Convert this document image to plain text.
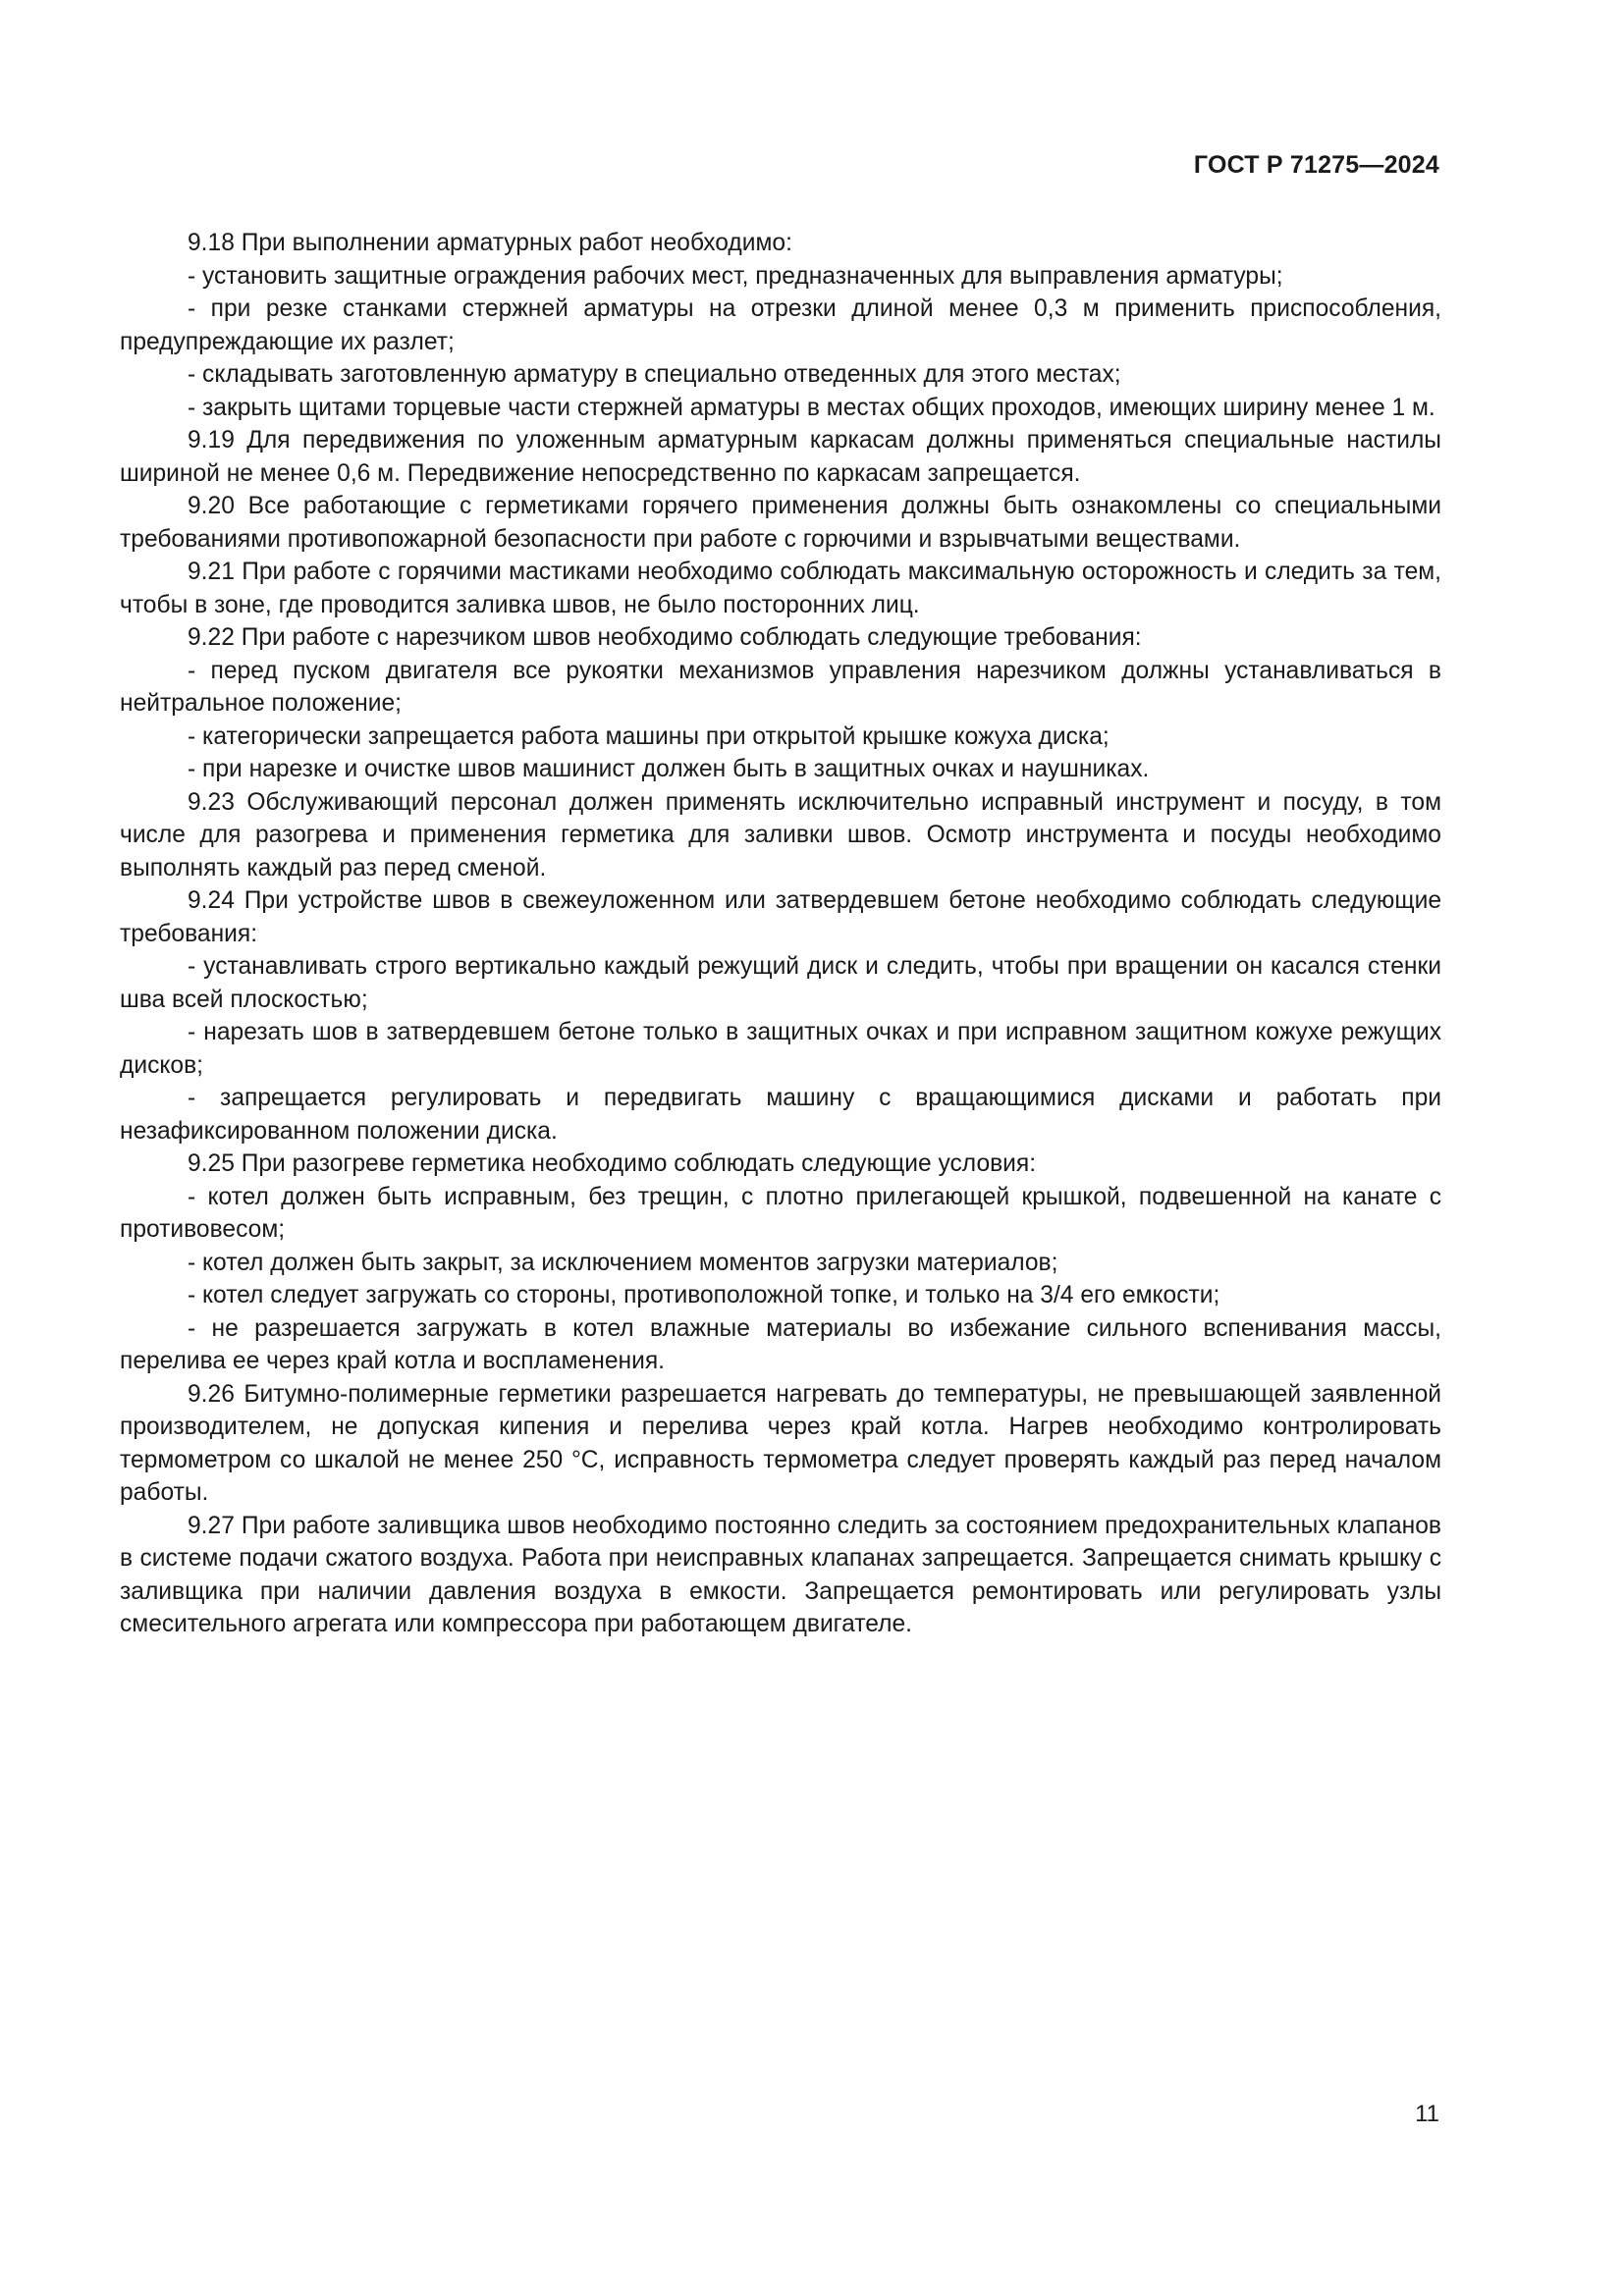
ГОСТ Р 71275—2024

9.18 При выполнении арматурных работ необходимо:

- установить защитные ограждения рабочих мест, предназначенных для выправления арматуры;

- при резке станками стержней арматуры на отрезки длиной менее 0,3 м применить приспособления, предупреждающие их разлет;

- складывать заготовленную арматуру в специально отведенных для этого местах;

- закрыть щитами торцевые части стержней арматуры в местах общих проходов, имеющих ширину менее 1 м.

9.19 Для передвижения по уложенным арматурным каркасам должны применяться специальные настилы шириной не менее 0,6 м. Передвижение непосредственно по каркасам запрещается.

9.20 Все работающие с герметиками горячего применения должны быть ознакомлены со специальными требованиями противопожарной безопасности при работе с горючими и взрывчатыми веществами.

9.21 При работе с горячими мастиками необходимо соблюдать максимальную осторожность и следить за тем, чтобы в зоне, где проводится заливка швов, не было посторонних лиц.

9.22 При работе с нарезчиком швов необходимо соблюдать следующие требования:

- перед пуском двигателя все рукоятки механизмов управления нарезчиком должны устанавливаться в нейтральное положение;

- категорически запрещается работа машины при открытой крышке кожуха диска;

- при нарезке и очистке швов машинист должен быть в защитных очках и наушниках.

9.23 Обслуживающий персонал должен применять исключительно исправный инструмент и посуду, в том числе для разогрева и применения герметика для заливки швов. Осмотр инструмента и посуды необходимо выполнять каждый раз перед сменой.

9.24 При устройстве швов в свежеуложенном или затвердевшем бетоне необходимо соблюдать следующие требования:

- устанавливать строго вертикально каждый режущий диск и следить, чтобы при вращении он касался стенки шва всей плоскостью;

- нарезать шов в затвердевшем бетоне только в защитных очках и при исправном защитном кожухе режущих дисков;

- запрещается регулировать и передвигать машину с вращающимися дисками и работать при незафиксированном положении диска.

9.25 При разогреве герметика необходимо соблюдать следующие условия:

- котел должен быть исправным, без трещин, с плотно прилегающей крышкой, подвешенной на канате с противовесом;

- котел должен быть закрыт, за исключением моментов загрузки материалов;

- котел следует загружать со стороны, противоположной топке, и только на 3/4 его емкости;

- не разрешается загружать в котел влажные материалы во избежание сильного вспенивания массы, перелива ее через край котла и воспламенения.

9.26 Битумно-полимерные герметики разрешается нагревать до температуры, не превышающей заявленной производителем, не допуская кипения и перелива через край котла. Нагрев необходимо контролировать термометром со шкалой не менее 250 °С, исправность термометра следует проверять каждый раз перед началом работы.

9.27 При работе заливщика швов необходимо постоянно следить за состоянием предохранительных клапанов в системе подачи сжатого воздуха. Работа при неисправных клапанах запрещается. Запрещается снимать крышку с заливщика при наличии давления воздуха в емкости. Запрещается ремонтировать или регулировать узлы смесительного агрегата или компрессора при работающем двигателе.

11
